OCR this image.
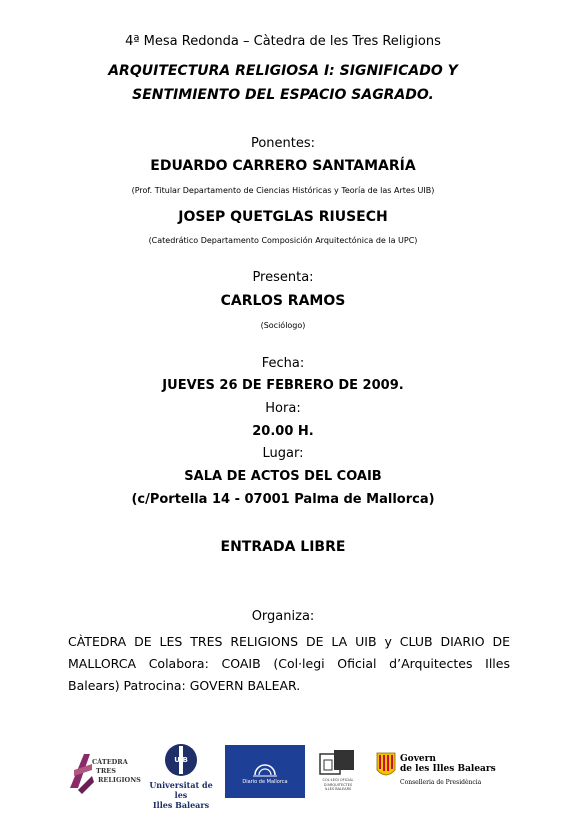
4ª Mesa Redonda – Càtedra de les Tres Religions
ARQUITECTURA RELIGIOSA I: SIGNIFICADO Y
SENTIMIENTO DEL ESPACIO SAGRADO.
Ponentes:
EDUARDO CARRERO SANTAMARÍA
(Prof. Titular Departamento de Ciencias Históricas y Teoría de las Artes UIB)
JOSEP QUETGLAS RIUSECH
(Catedrático Departamento Composición Arquitectónica de la UPC)
Presenta:
CARLOS RAMOS
(Sociólogo)
Fecha:
JUEVES 26 DE FEBRERO DE 2009.
Hora:
20.00 H.
Lugar:
SALA DE ACTOS DEL COAIB
(c/Portella 14 - 07001 Palma de Mallorca)
ENTRADA LIBRE
Organiza:
CÀTEDRA DE LES TRES RELIGIONS DE LA UIB y CLUB DIARIO DE MALLORCA Colabora: COAIB (Col·legi Oficial d’Arquitectes Illes Balears) Patrocina: GOVERN BALEAR.
CÀTEDRA
TRES
RELIGIONS
UIB
Universitat de les
Illes Balears
Diario de Mallorca	COL·LEGI OFICIAL
D'ARQUITECTES
ILLES BALEARS
Govern
de les Illes Balears
Conselleria de Presidència
